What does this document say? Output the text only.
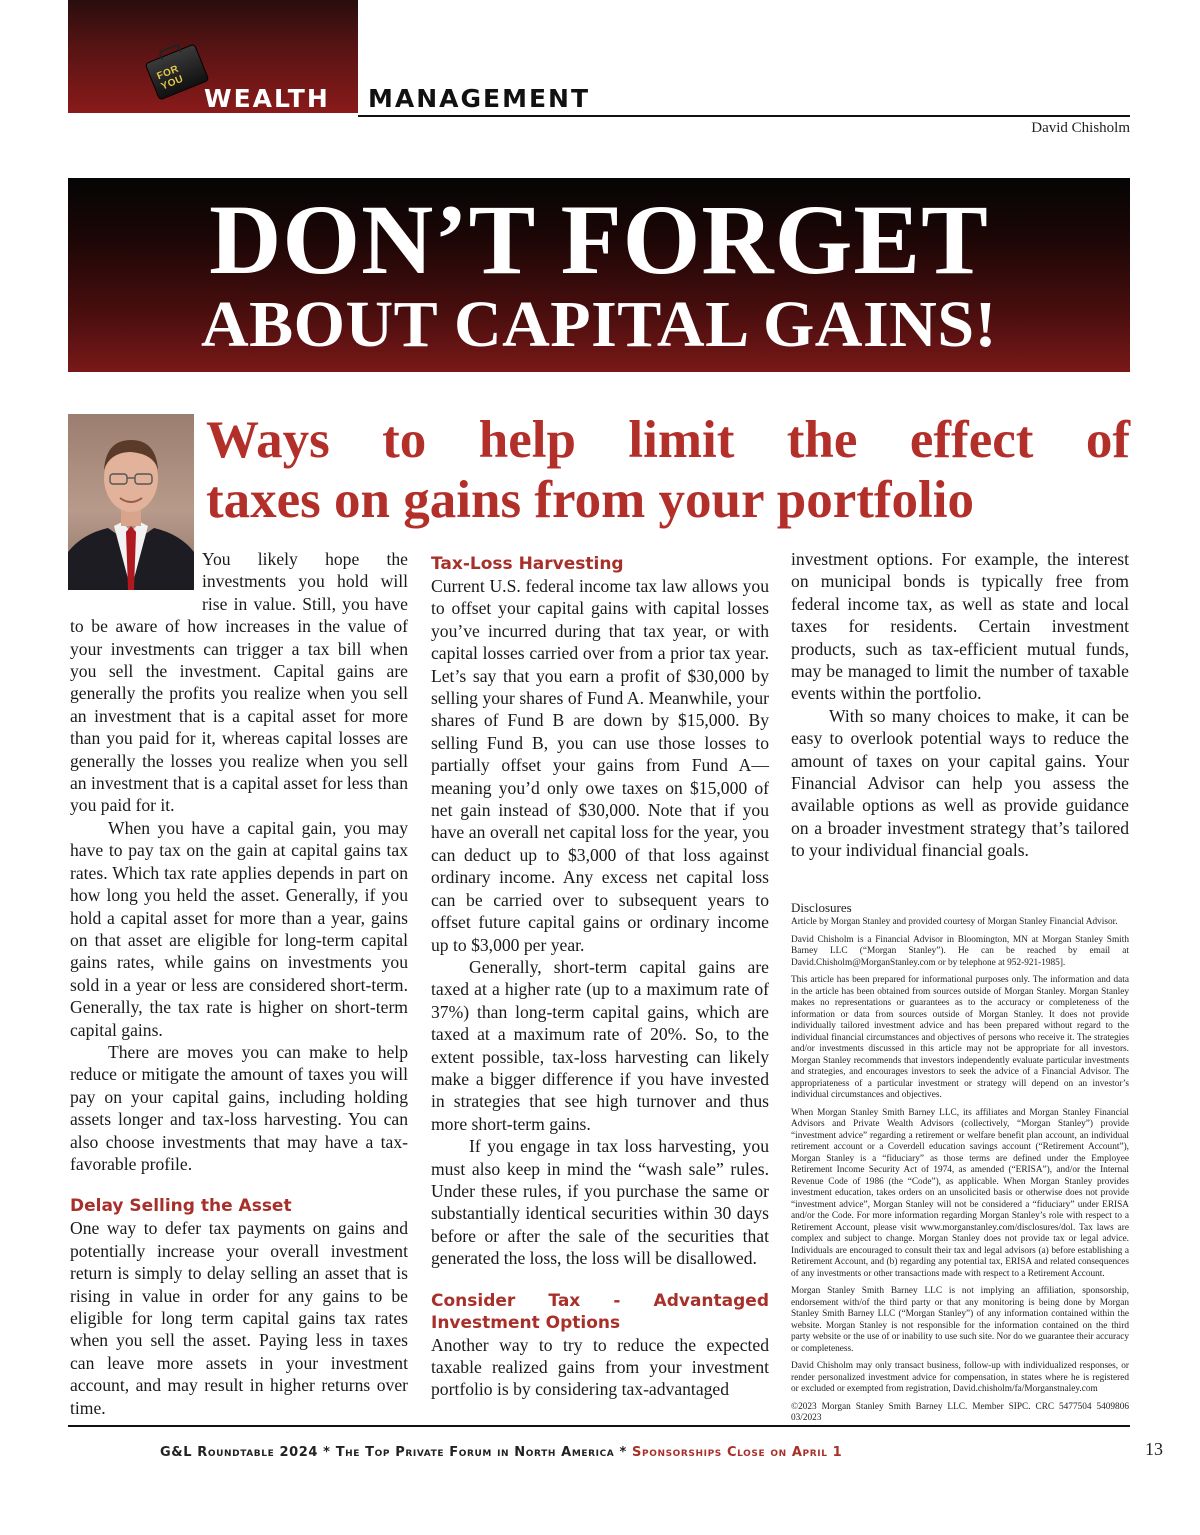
FOR YOU
WEALTH MANAGEMENT
David Chisholm
DON’T FORGET
ABOUT CAPITAL GAINS!
Ways to help limit the effect of
taxes on gains from your portfolio

You likely hope the investments you hold will rise in value. Still, you have to be aware of how increases in the value of your investments can trigger a tax bill when you sell the investment. Capital gains are generally the profits you realize when you sell an investment that is a capital asset for more than you paid for it, whereas capital losses are generally the losses you realize when you sell an investment that is a capital asset for less than you paid for it.

When you have a capital gain, you may have to pay tax on the gain at capital gains tax rates. Which tax rate applies depends in part on how long you held the asset. Generally, if you hold a capital asset for more than a year, gains on that asset are eligible for long-term capital gains rates, while gains on investments you sold in a year or less are considered short-term. Generally, the tax rate is higher on short-term capital gains.

There are moves you can make to help reduce or mitigate the amount of taxes you will pay on your capital gains, including holding assets longer and tax-loss harvesting. You can also choose investments that may have a tax-favorable profile.

Delay Selling the Asset

One way to defer tax payments on gains and potentially increase your overall investment return is simply to delay selling an asset that is rising in value in order for any gains to be eligible for long term capital gains tax rates when you sell the asset. Paying less in taxes can leave more assets in your investment account, and may result in higher returns over time.

Tax-Loss Harvesting

Current U.S. federal income tax law allows you to offset your capital gains with capital losses you’ve incurred during that tax year, or with capital losses carried over from a prior tax year. Let’s say that you earn a profit of $30,000 by selling your shares of Fund A. Meanwhile, your shares of Fund B are down by $15,000. By selling Fund B, you can use those losses to partially offset your gains from Fund A—meaning you’d only owe taxes on $15,000 of net gain instead of $30,000. Note that if you have an overall net capital loss for the year, you can deduct up to $3,000 of that loss against ordinary income. Any excess net capital loss can be carried over to subsequent years to offset future capital gains or ordinary income up to $3,000 per year.

Generally, short-term capital gains are taxed at a higher rate (up to a maximum rate of 37%) than long-term capital gains, which are taxed at a maximum rate of 20%. So, to the extent possible, tax-loss harvesting can likely make a bigger difference if you have invested in strategies that see high turnover and thus more short-term gains.

If you engage in tax loss harvesting, you must also keep in mind the “wash sale” rules. Under these rules, if you purchase the same or substantially identical securities within 30 days before or after the sale of the securities that generated the loss, the loss will be disallowed.

Consider Tax - Advantaged Investment Options

Another way to try to reduce the expected taxable realized gains from your investment portfolio is by considering tax-advantaged

investment options. For example, the interest on municipal bonds is typically free from federal income tax, as well as state and local taxes for residents. Certain investment products, such as tax-efficient mutual funds, may be managed to limit the number of taxable events within the portfolio.

With so many choices to make, it can be easy to overlook potential ways to reduce the amount of taxes on your capital gains. Your Financial Advisor can help you assess the available options as well as provide guidance on a broader investment strategy that’s tailored to your individual financial goals.

Disclosures

Article by Morgan Stanley and provided courtesy of Morgan Stanley Financial Advisor.

David Chisholm is a Financial Advisor in Bloomington, MN at Morgan Stanley Smith Barney LLC (“Morgan Stanley”). He can be reached by email at David.Chisholm@MorganStanley.com or by telephone at 952-921-1985].

This article has been prepared for informational purposes only. The information and data in the article has been obtained from sources outside of Morgan Stanley. Morgan Stanley makes no representations or guarantees as to the accuracy or completeness of the information or data from sources outside of Morgan Stanley. It does not provide individually tailored investment advice and has been prepared without regard to the individual financial circumstances and objectives of persons who receive it. The strategies and/or investments discussed in this article may not be appropriate for all investors. Morgan Stanley recommends that investors independently evaluate particular investments and strategies, and encourages investors to seek the advice of a Financial Advisor. The appropriateness of a particular investment or strategy will depend on an investor’s individual circumstances and objectives.

When Morgan Stanley Smith Barney LLC, its affiliates and Morgan Stanley Financial Advisors and Private Wealth Advisors (collectively, “Morgan Stanley”) provide “investment advice” regarding a retirement or welfare benefit plan account, an individual retirement account or a Coverdell education savings account (“Retirement Account”), Morgan Stanley is a “fiduciary” as those terms are defined under the Employee Retirement Income Security Act of 1974, as amended (“ERISA”), and/or the Internal Revenue Code of 1986 (the “Code”), as applicable. When Morgan Stanley provides investment education, takes orders on an unsolicited basis or otherwise does not provide “investment advice”, Morgan Stanley will not be considered a “fiduciary” under ERISA and/or the Code. For more information regarding Morgan Stanley’s role with respect to a Retirement Account, please visit www.morganstanley.com/disclosures/dol. Tax laws are complex and subject to change. Morgan Stanley does not provide tax or legal advice. Individuals are encouraged to consult their tax and legal advisors (a) before establishing a Retirement Account, and (b) regarding any potential tax, ERISA and related consequences of any investments or other transactions made with respect to a Retirement Account.

Morgan Stanley Smith Barney LLC is not implying an affiliation, sponsorship, endorsement with/of the third party or that any monitoring is being done by Morgan Stanley Smith Barney LLC (“Morgan Stanley”) of any information contained within the website. Morgan Stanley is not responsible for the information contained on the third party website or the use of or inability to use such site. Nor do we guarantee their accuracy or completeness.

David Chisholm may only transact business, follow-up with individualized responses, or render personalized investment advice for compensation, in states where he is registered or excluded or exempted from registration, David.chisholm/fa/Morganstnaley.com

©2023 Morgan Stanley Smith Barney LLC. Member SIPC. CRC 5477504 5409806 03/2023

G&L Roundtable 2024 * The Top Private Forum in North America * Sponsorships Close on April 1	13
